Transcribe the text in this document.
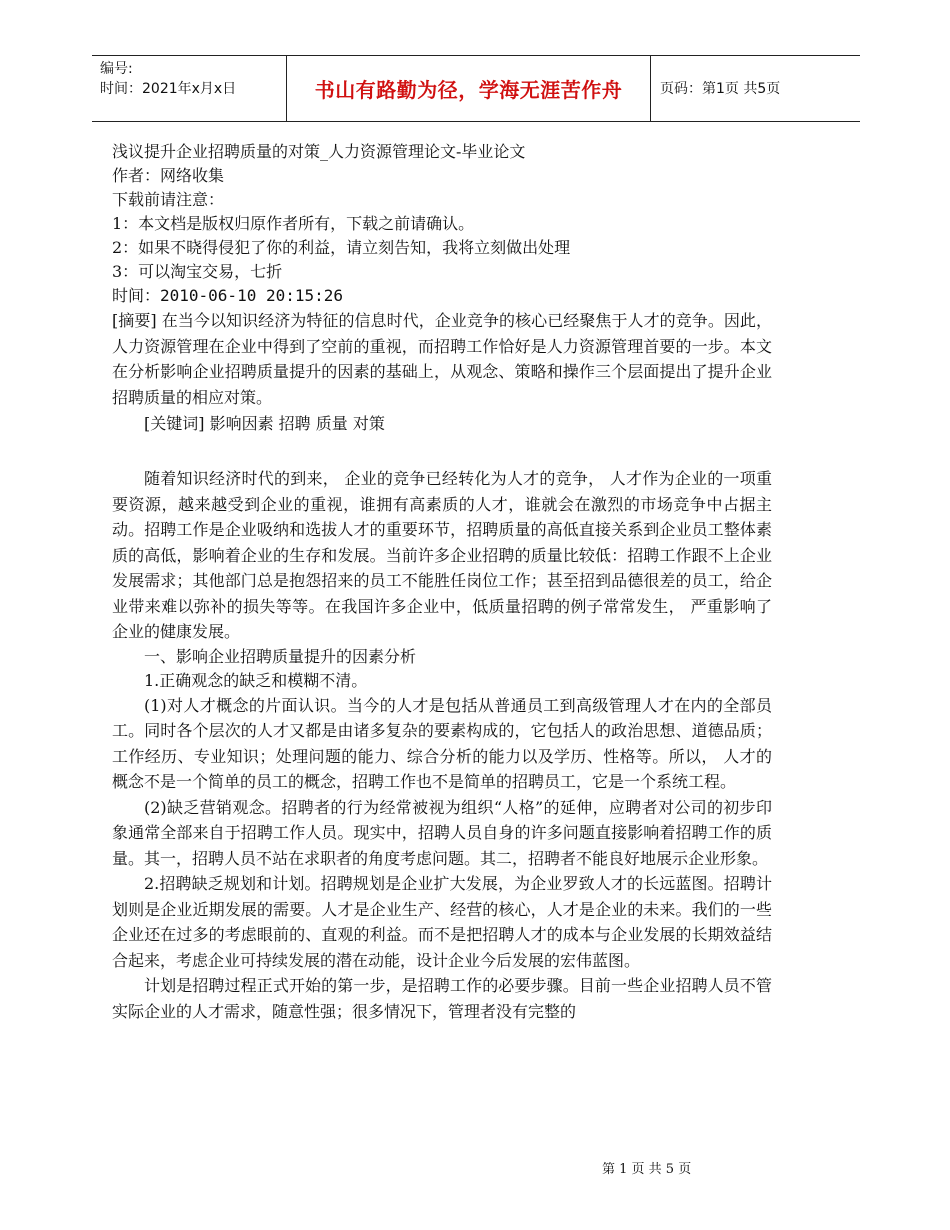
编号:
时间：2021年x月x日	书山有路勤为径，学海无涯苦作舟	页码：第1页 共5页

浅议提升企业招聘质量的对策_人力资源管理论文-毕业论文

作者：网络收集

下载前请注意：

1：本文档是版权归原作者所有，下载之前请确认。

2：如果不晓得侵犯了你的利益，请立刻告知，我将立刻做出处理

3：可以淘宝交易，七折

时间：2010-06-10 20:15:26

[摘要] 在当今以知识经济为特征的信息时代，企业竞争的核心已经聚焦于人才的竞争。因此，人力资源管理在企业中得到了空前的重视，而招聘工作恰好是人力资源管理首要的一步。本文在分析影响企业招聘质量提升的因素的基础上，从观念、策略和操作三个层面提出了提升企业招聘质量的相应对策。

[关键词] 影响因素 招聘 质量 对策

随着知识经济时代的到来， 企业的竞争已经转化为人才的竞争， 人才作为企业的一项重要资源，越来越受到企业的重视，谁拥有高素质的人才，谁就会在激烈的市场竞争中占据主动。招聘工作是企业吸纳和选拔人才的重要环节，招聘质量的高低直接关系到企业员工整体素质的高低，影响着企业的生存和发展。当前许多企业招聘的质量比较低：招聘工作跟不上企业发展需求；其他部门总是抱怨招来的员工不能胜任岗位工作；甚至招到品德很差的员工，给企业带来难以弥补的损失等等。在我国许多企业中，低质量招聘的例子常常发生， 严重影响了企业的健康发展。

一、影响企业招聘质量提升的因素分析

1.正确观念的缺乏和模糊不清。

(1)对人才概念的片面认识。当今的人才是包括从普通员工到高级管理人才在内的全部员工。同时各个层次的人才又都是由诸多复杂的要素构成的，它包括人的政治思想、道德品质；工作经历、专业知识；处理问题的能力、综合分析的能力以及学历、性格等。所以， 人才的概念不是一个简单的员工的概念，招聘工作也不是简单的招聘员工，它是一个系统工程。

(2)缺乏营销观念。招聘者的行为经常被视为组织“人格”的延伸，应聘者对公司的初步印象通常全部来自于招聘工作人员。现实中，招聘人员自身的许多问题直接影响着招聘工作的质量。其一，招聘人员不站在求职者的角度考虑问题。其二，招聘者不能良好地展示企业形象。

2.招聘缺乏规划和计划。招聘规划是企业扩大发展，为企业罗致人才的长远蓝图。招聘计划则是企业近期发展的需要。人才是企业生产、经营的核心，人才是企业的未来。我们的一些企业还在过多的考虑眼前的、直观的利益。而不是把招聘人才的成本与企业发展的长期效益结合起来，考虑企业可持续发展的潜在动能，设计企业今后发展的宏伟蓝图。

计划是招聘过程正式开始的第一步，是招聘工作的必要步骤。目前一些企业招聘人员不管实际企业的人才需求，随意性强；很多情况下，管理者没有完整的

第 1 页 共 5 页
